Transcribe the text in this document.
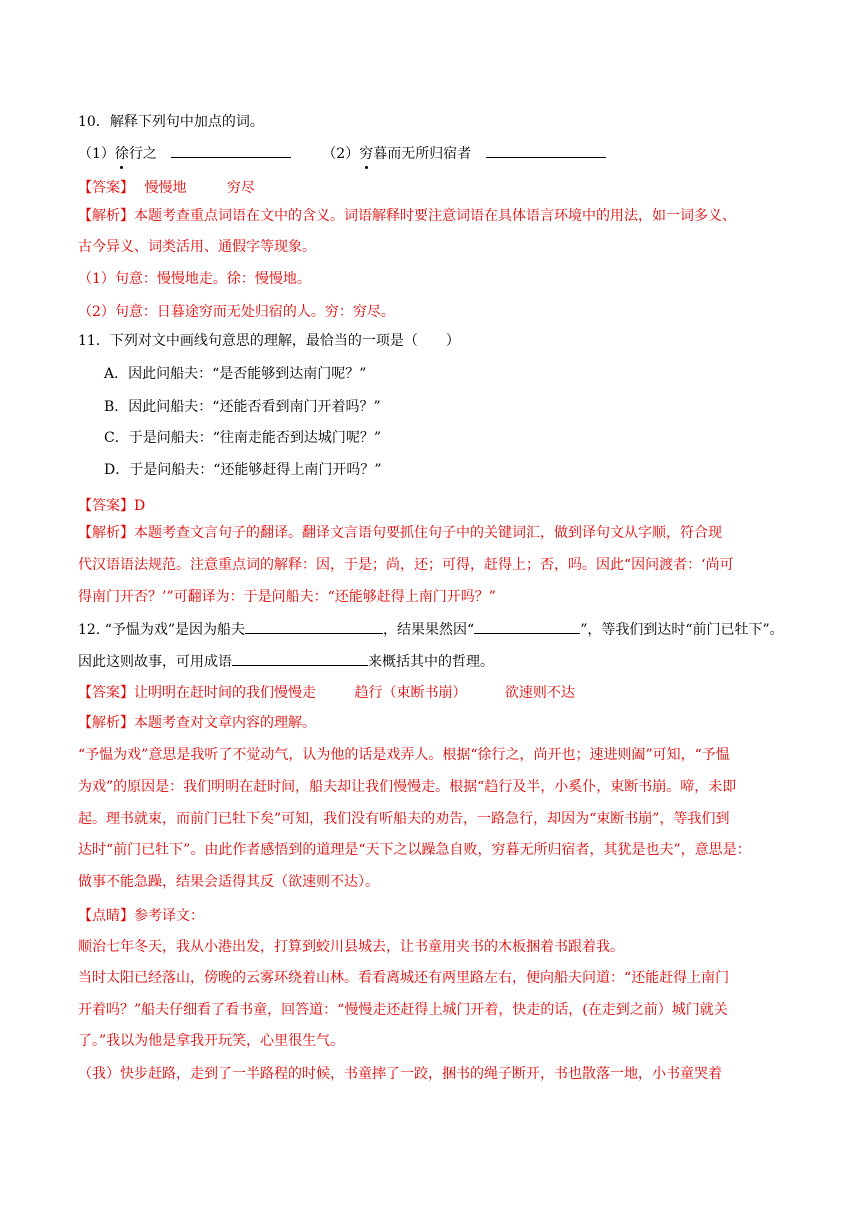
10．解释下列句中加点的词。
（1）徐行之	（2）穷暮而无所归宿者
【答案】 慢慢地	穷尽
【解析】本题考查重点词语在文中的含义。词语解释时要注意词语在具体语言环境中的用法，如一词多义、
古今异义、词类活用、通假字等现象。
（1）句意：慢慢地走。徐：慢慢地。
（2）句意：日暮途穷而无处归宿的人。穷：穷尽。
11．下列对文中画线句意思的理解，最恰当的一项是（　　）
A．因此问船夫：“是否能够到达南门呢？”
B．因此问船夫：“还能否看到南门开着吗？”
C．于是问船夫：“往南走能否到达城门呢？”
D．于是问船夫：“还能够赶得上南门开吗？”
【答案】D
【解析】本题考查文言句子的翻译。翻译文言语句要抓住句子中的关键词汇，做到译句文从字顺，符合现
代汉语语法规范。注意重点词的解释：因，于是；尚，还；可得，赶得上；否，吗。因此“因问渡者：‘尚可
得南门开否？’”可翻译为：于是问船夫：“还能够赶得上南门开吗？”
12. “予愠为戏”是因为船夫	，结果果然因“	”，等我们到达时“前门已牡下”。
因此这则故事，可用成语	来概括其中的哲理。
【答案】让明明在赶时间的我们慢慢走	趋行（束断书崩）	欲速则不达
【解析】本题考查对文章内容的理解。
“予愠为戏”意思是我听了不觉动气，认为他的话是戏弄人。根据“徐行之，尚开也；速进则阖”可知，“予愠
为戏”的原因是：我们明明在赶时间，船夫却让我们慢慢走。根据“趋行及半，小奚仆，束断书崩。啼，未即
起。理书就束，而前门已牡下矣”可知，我们没有听船夫的劝告，一路急行，却因为“束断书崩”，等我们到
达时“前门已牡下”。由此作者感悟到的道理是“天下之以躁急自败，穷暮无所归宿者，其犹是也夫”，意思是：
做事不能急躁，结果会适得其反（欲速则不达）。
【点睛】参考译文：
顺治七年冬天，我从小港出发，打算到蛟川县城去，让书童用夹书的木板捆着书跟着我。
当时太阳已经落山，傍晚的云雾环绕着山林。看看离城还有两里路左右，便向船夫问道：“还能赶得上南门
开着吗？”船夫仔细看了看书童，回答道：“慢慢走还赶得上城门开着，快走的话，(在走到之前）城门就关
了。”我以为他是拿我开玩笑，心里很生气。
（我）快步赶路，走到了一半路程的时候，书童摔了一跤，捆书的绳子断开，书也散落一地，小书童哭着
